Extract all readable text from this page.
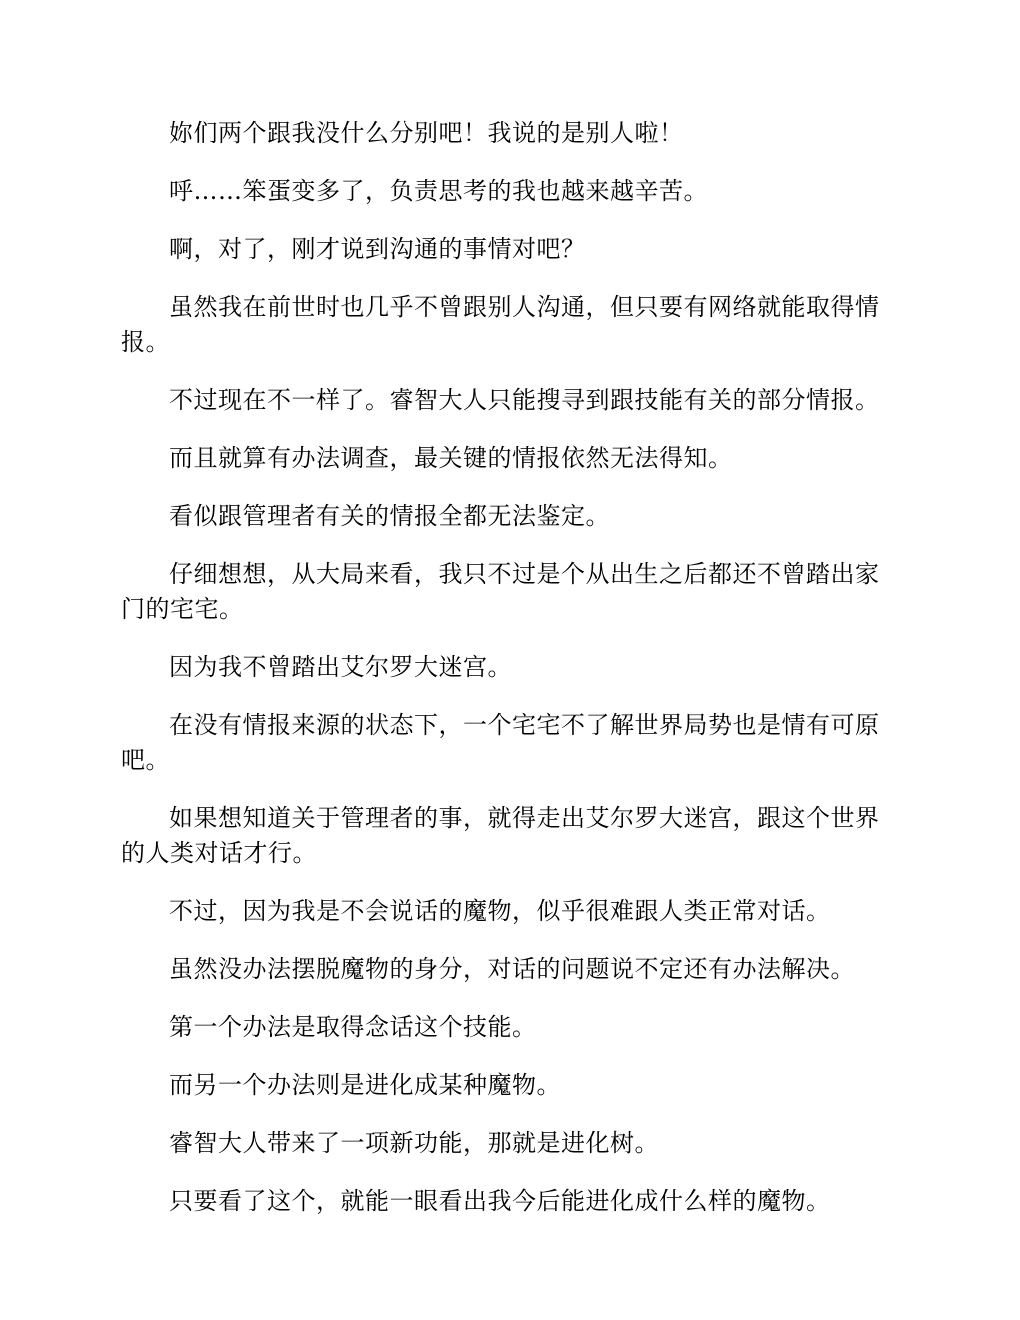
妳们两个跟我没什么分别吧！我说的是别人啦！

呼……笨蛋变多了，负责思考的我也越来越辛苦。

啊，对了，刚才说到沟通的事情对吧？

虽然我在前世时也几乎不曾跟别人沟通，但只要有网络就能取得情报。

不过现在不一样了。睿智大人只能搜寻到跟技能有关的部分情报。

而且就算有办法调查，最关键的情报依然无法得知。

看似跟管理者有关的情报全都无法鉴定。

仔细想想，从大局来看，我只不过是个从出生之后都还不曾踏出家门的宅宅。

因为我不曾踏出艾尔罗大迷宫。

在没有情报来源的状态下，一个宅宅不了解世界局势也是情有可原吧。

如果想知道关于管理者的事，就得走出艾尔罗大迷宫，跟这个世界的人类对话才行。

不过，因为我是不会说话的魔物，似乎很难跟人类正常对话。

虽然没办法摆脱魔物的身分，对话的问题说不定还有办法解决。

第一个办法是取得念话这个技能。

而另一个办法则是进化成某种魔物。

睿智大人带来了一项新功能，那就是进化树。

只要看了这个，就能一眼看出我今后能进化成什么样的魔物。
